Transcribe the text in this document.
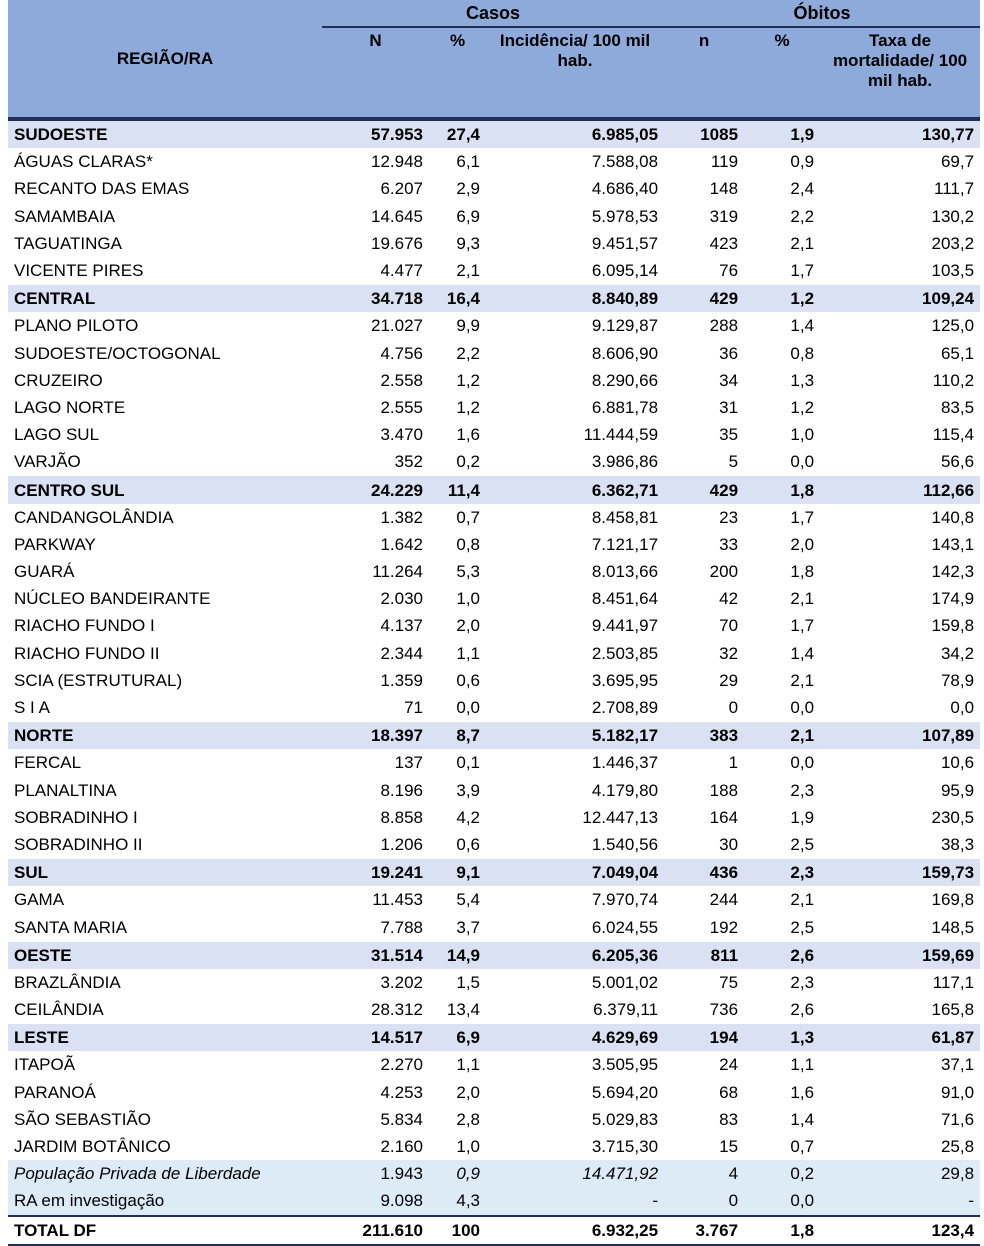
REGIÃO/RA	Casos			Óbitos		
	N	%	Incidência/ 100 mil hab.	n	%	Taxa de mortalidade/ 100 mil hab.
SUDOESTE	57.953	27,4	6.985,05	1085	1,9	130,77
ÁGUAS CLARAS*	12.948	6,1	7.588,08	119	0,9	69,7
RECANTO DAS EMAS	6.207	2,9	4.686,40	148	2,4	111,7
SAMAMBAIA	14.645	6,9	5.978,53	319	2,2	130,2
TAGUATINGA	19.676	9,3	9.451,57	423	2,1	203,2
VICENTE PIRES	4.477	2,1	6.095,14	76	1,7	103,5
CENTRAL	34.718	16,4	8.840,89	429	1,2	109,24
PLANO PILOTO	21.027	9,9	9.129,87	288	1,4	125,0
SUDOESTE/OCTOGONAL	4.756	2,2	8.606,90	36	0,8	65,1
CRUZEIRO	2.558	1,2	8.290,66	34	1,3	110,2
LAGO NORTE	2.555	1,2	6.881,78	31	1,2	83,5
LAGO SUL	3.470	1,6	11.444,59	35	1,0	115,4
VARJÃO	352	0,2	3.986,86	5	0,0	56,6
CENTRO SUL	24.229	11,4	6.362,71	429	1,8	112,66
CANDANGOLÂNDIA	1.382	0,7	8.458,81	23	1,7	140,8
PARKWAY	1.642	0,8	7.121,17	33	2,0	143,1
GUARÁ	11.264	5,3	8.013,66	200	1,8	142,3
NÚCLEO BANDEIRANTE	2.030	1,0	8.451,64	42	2,1	174,9
RIACHO FUNDO I	4.137	2,0	9.441,97	70	1,7	159,8
RIACHO FUNDO II	2.344	1,1	2.503,85	32	1,4	34,2
SCIA (ESTRUTURAL)	1.359	0,6	3.695,95	29	2,1	78,9
S I A	71	0,0	2.708,89	0	0,0	0,0
NORTE	18.397	8,7	5.182,17	383	2,1	107,89
FERCAL	137	0,1	1.446,37	1	0,0	10,6
PLANALTINA	8.196	3,9	4.179,80	188	2,3	95,9
SOBRADINHO I	8.858	4,2	12.447,13	164	1,9	230,5
SOBRADINHO II	1.206	0,6	1.540,56	30	2,5	38,3
SUL	19.241	9,1	7.049,04	436	2,3	159,73
GAMA	11.453	5,4	7.970,74	244	2,1	169,8
SANTA MARIA	7.788	3,7	6.024,55	192	2,5	148,5
OESTE	31.514	14,9	6.205,36	811	2,6	159,69
BRAZLÂNDIA	3.202	1,5	5.001,02	75	2,3	117,1
CEILÂNDIA	28.312	13,4	6.379,11	736	2,6	165,8
LESTE	14.517	6,9	4.629,69	194	1,3	61,87
ITAPOÃ	2.270	1,1	3.505,95	24	1,1	37,1
PARANOÁ	4.253	2,0	5.694,20	68	1,6	91,0
SÃO SEBASTIÃO	5.834	2,8	5.029,83	83	1,4	71,6
JARDIM BOTÂNICO	2.160	1,0	3.715,30	15	0,7	25,8
População Privada de Liberdade	1.943	0,9	14.471,92	4	0,2	29,8
RA em investigação	9.098	4,3	-	0	0,0	-
TOTAL DF	211.610	100	6.932,25	3.767	1,8	123,4
